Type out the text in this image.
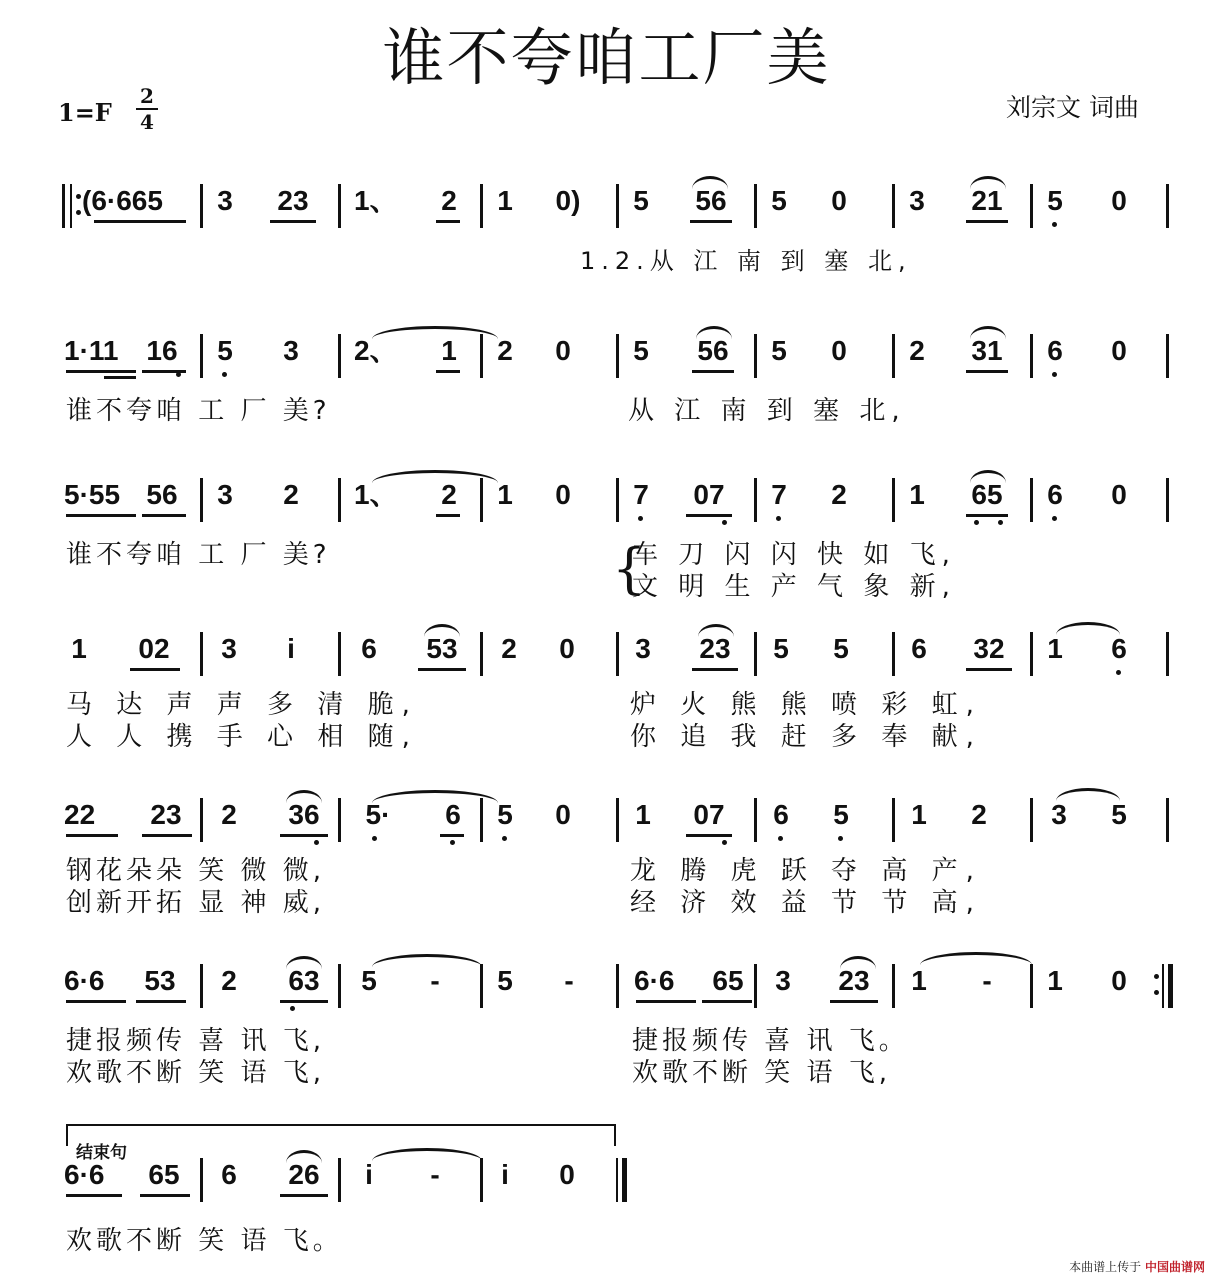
谁不夸咱工厂美
1=F
2
4	刘宗文 词曲
(6·665	3	23	1、 2 1 0) 5 56 5 0 3 21 5 0
1.2.从 江 南 到 塞 北,
1·11 16	5 3 2、 1 2 0 5 56 5 0 2 31 6 0
谁不夸咱 工 厂 美?	从 江 南 到 塞 北,
5·55 56	3 2 1、 2 1 0 7	07	7 2 1 65 6 0
谁不夸咱 工 厂 美?	{
车 刀 闪 闪 快 如 飞,
文 明 生 产 气 象 新,
1	02	3	i	6	53	2 0 3	23	5 5 6	32	1 6
马 达 声 声 多 清 脆,	炉 火 熊 熊 喷 彩 虹,
人 人 携 手 心 相 随,	你 追 我 赶 多 奉 献,
22	23	2	36	5· 6 5 0 1	07	6 5 1 2 3 5
钢花朵朵 笑 微 微,	龙 腾 虎 跃 夺 高 产,
创新开拓 显 神 威,	经 济 效 益 节 节 高,
6·6	53	2	63	5	-	5	-	6·6	65	3	23	1	-	1 0
捷报频传 喜 讯 飞,	捷报频传 喜 讯 飞。
欢歌不断 笑 语 飞,	欢歌不断 笑 语 飞,
结束句
6·6	65	6	26	i	-	i	0
欢歌不断 笑 语 飞。
本曲谱上传于 中国曲谱网
